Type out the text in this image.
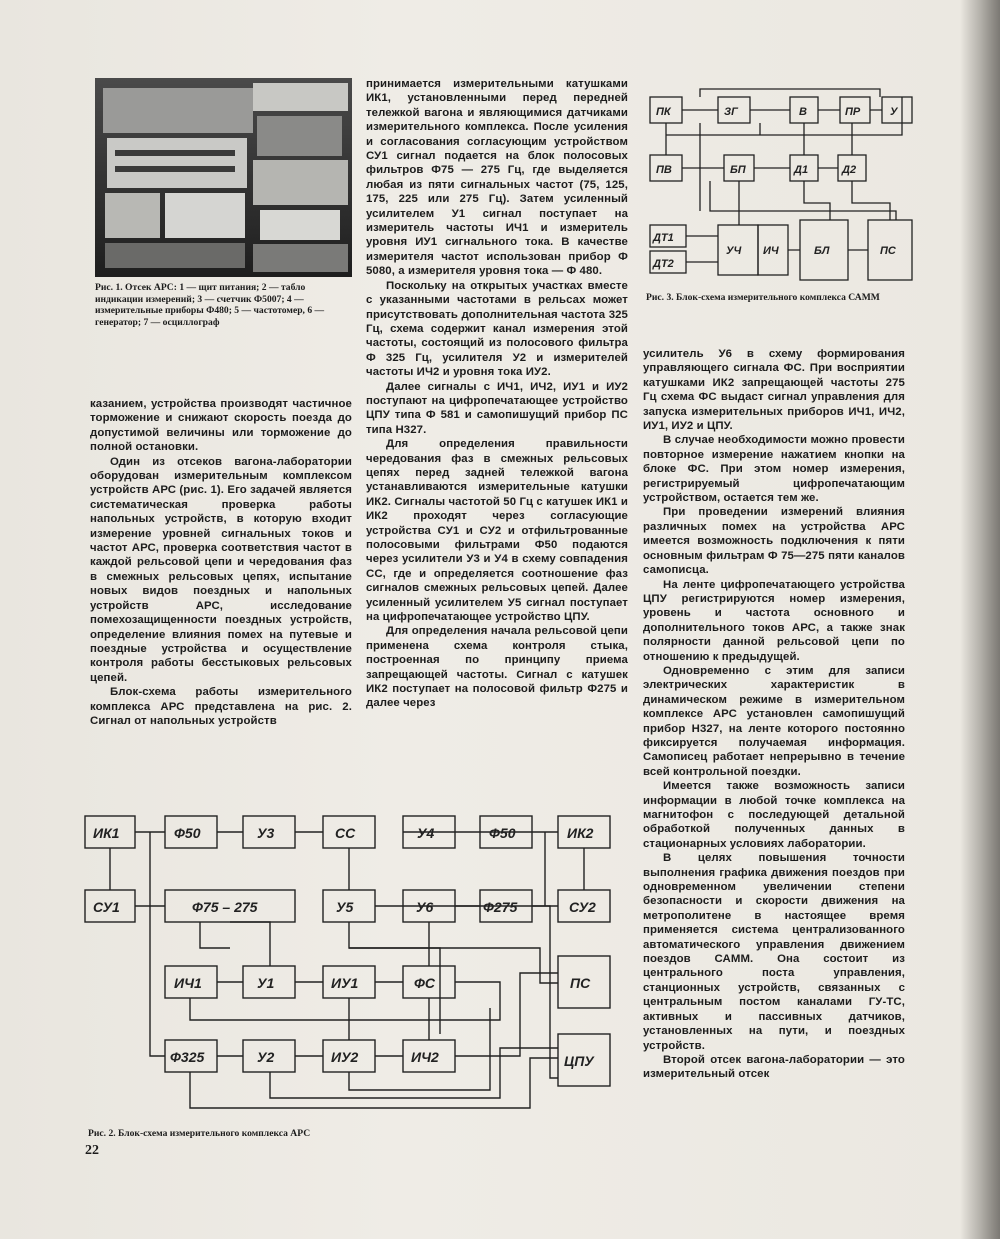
Рис. 1. Отсек АРС: 1 — щит питания; 2 — табло индикации измерений; 3 — счетчик Ф5007; 4 — измерительные приборы Ф480; 5 — частотомер, 6 — генератор; 7 — осциллограф
ПК	ЗГ	В	ПР	У
ПВ	БП	Д1	Д2
ДТ1
ДТ2
УЧ ИЧ	БЛ	ПС
Рис. 3. Блок-схема измерительного комплекса САММ

казанием, устройства производят частичное торможение и снижают скорость поезда до допустимой величины или торможение до полной остановки.

Один из отсеков вагона-лаборатории оборудован измерительным комплексом устройств АРС (рис. 1). Его задачей является систематическая проверка работы напольных устройств, в которую входит измерение уровней сигнальных токов и частот АРС, проверка соответствия частот в каждой рельсовой цепи и чередования фаз в смежных рельсовых цепях, испытание новых видов поездных и напольных устройств АРС, исследование помехозащищенности поездных устройств, определение влияния помех на путевые и поездные устройства и осуществление контроля работы бесстыковых рельсовых цепей.

Блок-схема работы измерительного комплекса АРС представлена на рис. 2. Сигнал от напольных устройств

принимается измерительными катушками ИК1, установленными перед передней тележкой вагона и являющимися датчиками измерительного комплекса. После усиления и согласования согласующим устройством СУ1 сигнал подается на блок полосовых фильтров Ф75 — 275 Гц, где выделяется любая из пяти сигнальных частот (75, 125, 175, 225 или 275 Гц). Затем усиленный усилителем У1 сигнал поступает на измеритель частоты ИЧ1 и измеритель уровня ИУ1 сигнального тока. В качестве измерителя частот использован прибор Ф 5080, а измерителя уровня тока — Ф 480.

Поскольку на открытых участках вместе с указанными частотами в рельсах может присутствовать дополнительная частота 325 Гц, схема содержит канал измерения этой частоты, состоящий из полосового фильтра Ф 325 Гц, усилителя У2 и измерителей частоты ИЧ2 и уровня тока ИУ2.

Далее сигналы с ИЧ1, ИЧ2, ИУ1 и ИУ2 поступают на цифропечатающее устройство ЦПУ типа Ф 581 и самопишущий прибор ПС типа Н327.

Для определения правильности чередования фаз в смежных рельсовых цепях перед задней тележкой вагона устанавливаются измерительные катушки ИК2. Сигналы частотой 50 Гц с катушек ИК1 и ИК2 проходят через согласующие устройства СУ1 и СУ2 и отфильтрованные полосовыми фильтрами Ф50 подаются через усилители У3 и У4 в схему совпадения СС, где и определяется соотношение фаз сигналов смежных рельсовых цепей. Далее усиленный усилителем У5 сигнал поступает на цифропечатающее устройство ЦПУ.

Для определения начала рельсовой цепи применена схема контроля стыка, построенная по принципу приема запрещающей частоты. Сигнал с катушек ИК2 поступает на полосовой фильтр Ф275 и далее через

усилитель У6 в схему формирования управляющего сигнала ФС. При восприятии катушками ИК2 запрещающей частоты 275 Гц схема ФС выдаст сигнал управления для запуска измерительных приборов ИЧ1, ИЧ2, ИУ1, ИУ2 и ЦПУ.

В случае необходимости можно провести повторное измерение нажатием кнопки на блоке ФС. При этом номер измерения, регистрируемый цифропечатающим устройством, остается тем же.

При проведении измерений влияния различных помех на устройства АРС имеется возможность подключения к пяти основным фильтрам Ф 75—275 пяти каналов самописца.

На ленте цифропечатающего устройства ЦПУ регистрируются номер измерения, уровень и частота основного и дополнительного токов АРС, а также знак полярности данной рельсовой цепи по отношению к предыдущей.

Одновременно с этим для записи электрических характеристик в динамическом режиме в измерительном комплексе АРС установлен самопишущий прибор Н327, на ленте которого постоянно фиксируется получаемая информация. Самописец работает непрерывно в течение всей контрольной поездки.

Имеется также возможность записи информации в любой точке комплекса на магнитофон с последующей детальной обработкой полученных данных в стационарных условиях лаборатории.

В целях повышения точности выполнения графика движения поездов при одновременном увеличении степени безопасности и скорости движения на метрополитене в настоящее время применяется система централизованного автоматического управления движением поездов САММ. Она состоит из центрального поста управления, станционных устройств, связанных с центральным постом каналами ГУ-ТС, активных и пассивных датчиков, установленных на пути, и поездных устройств.

Второй отсек вагона-лаборатории — это измерительный отсек

ИК1	Ф50	У3	СС	У4	Ф50	ИК2
СУ1	Ф75 – 275	У5	У6	Ф275	СУ2
ИЧ1	У1	ИУ1	ФС	ПС
Ф325	У2	ИУ2	ИЧ2	ЦПУ
Рис. 2. Блок-схема измерительного комплекса АРС
22
